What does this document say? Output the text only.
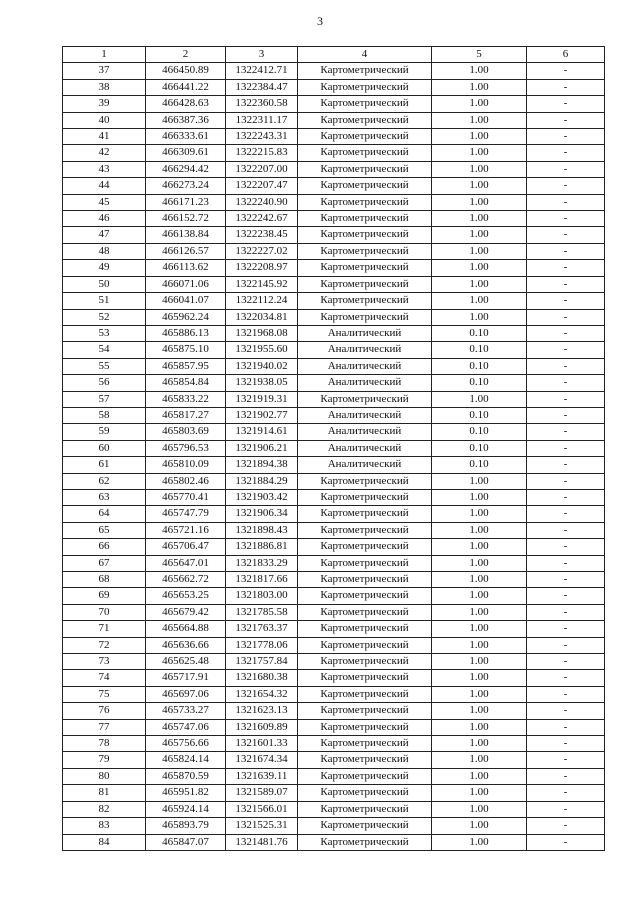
3
1	2	3	4	5	6
37	466450.89	1322412.71	Картометрический	1.00	-
38	466441.22	1322384.47	Картометрический	1.00	-
39	466428.63	1322360.58	Картометрический	1.00	-
40	466387.36	1322311.17	Картометрический	1.00	-
41	466333.61	1322243.31	Картометрический	1.00	-
42	466309.61	1322215.83	Картометрический	1.00	-
43	466294.42	1322207.00	Картометрический	1.00	-
44	466273.24	1322207.47	Картометрический	1.00	-
45	466171.23	1322240.90	Картометрический	1.00	-
46	466152.72	1322242.67	Картометрический	1.00	-
47	466138.84	1322238.45	Картометрический	1.00	-
48	466126.57	1322227.02	Картометрический	1.00	-
49	466113.62	1322208.97	Картометрический	1.00	-
50	466071.06	1322145.92	Картометрический	1.00	-
51	466041.07	1322112.24	Картометрический	1.00	-
52	465962.24	1322034.81	Картометрический	1.00	-
53	465886.13	1321968.08	Аналитический	0.10	-
54	465875.10	1321955.60	Аналитический	0.10	-
55	465857.95	1321940.02	Аналитический	0.10	-
56	465854.84	1321938.05	Аналитический	0.10	-
57	465833.22	1321919.31	Картометрический	1.00	-
58	465817.27	1321902.77	Аналитический	0.10	-
59	465803.69	1321914.61	Аналитический	0.10	-
60	465796.53	1321906.21	Аналитический	0.10	-
61	465810.09	1321894.38	Аналитический	0.10	-
62	465802.46	1321884.29	Картометрический	1.00	-
63	465770.41	1321903.42	Картометрический	1.00	-
64	465747.79	1321906.34	Картометрический	1.00	-
65	465721.16	1321898.43	Картометрический	1.00	-
66	465706.47	1321886.81	Картометрический	1.00	-
67	465647.01	1321833.29	Картометрический	1.00	-
68	465662.72	1321817.66	Картометрический	1.00	-
69	465653.25	1321803.00	Картометрический	1.00	-
70	465679.42	1321785.58	Картометрический	1.00	-
71	465664.88	1321763.37	Картометрический	1.00	-
72	465636.66	1321778.06	Картометрический	1.00	-
73	465625.48	1321757.84	Картометрический	1.00	-
74	465717.91	1321680.38	Картометрический	1.00	-
75	465697.06	1321654.32	Картометрический	1.00	-
76	465733.27	1321623.13	Картометрический	1.00	-
77	465747.06	1321609.89	Картометрический	1.00	-
78	465756.66	1321601.33	Картометрический	1.00	-
79	465824.14	1321674.34	Картометрический	1.00	-
80	465870.59	1321639.11	Картометрический	1.00	-
81	465951.82	1321589.07	Картометрический	1.00	-
82	465924.14	1321566.01	Картометрический	1.00	-
83	465893.79	1321525.31	Картометрический	1.00	-
84	465847.07	1321481.76	Картометрический	1.00	-
